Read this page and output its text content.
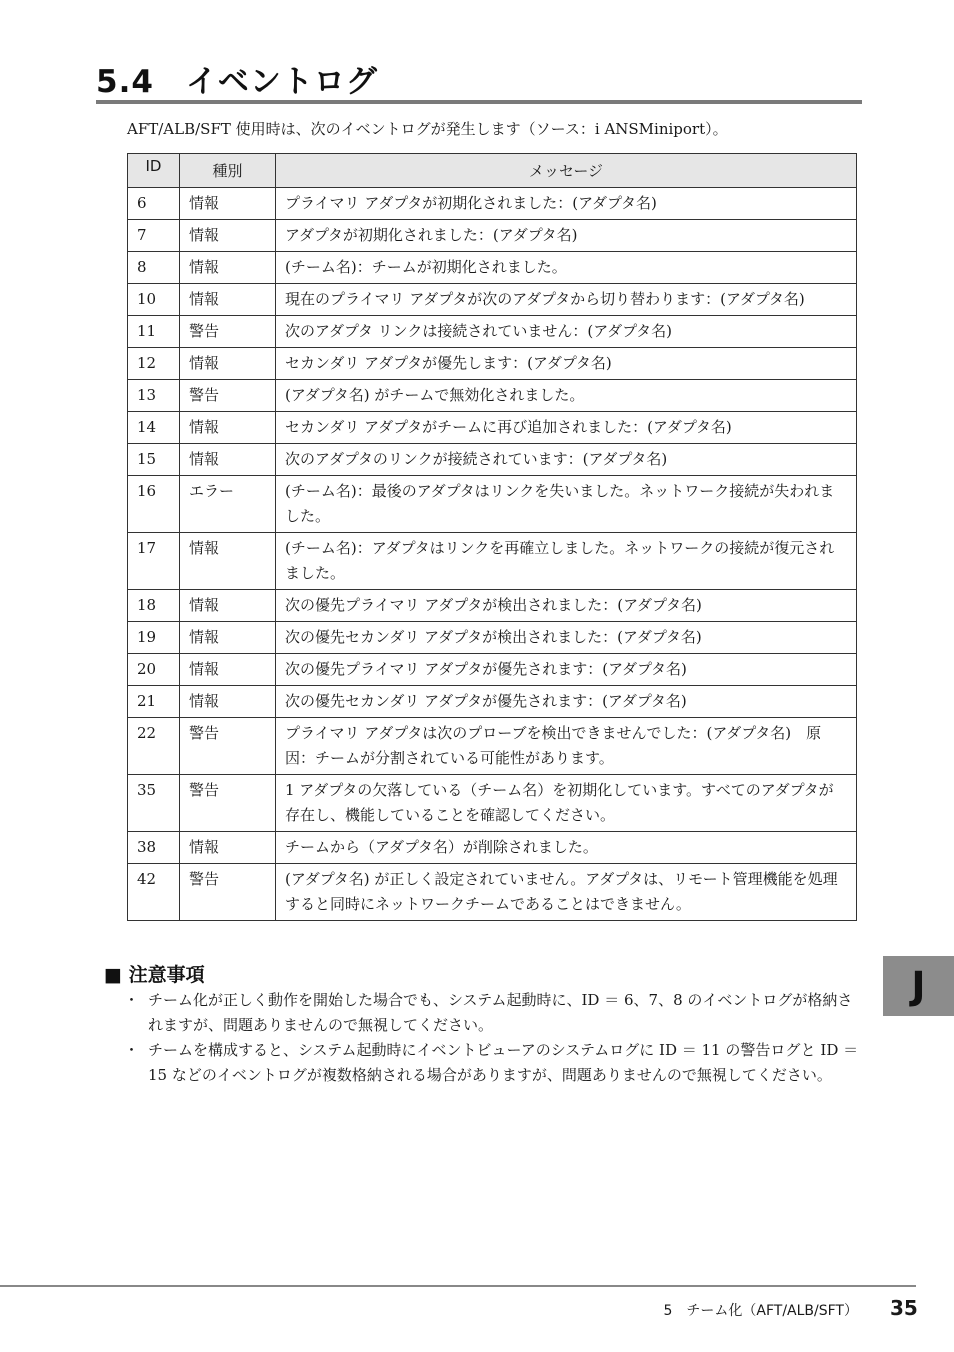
5.4　イベントログ
AFT/ALB/SFT 使用時は、次のイベントログが発生します（ソース：i ANSMiniport）。
ID	種別	メッセージ
6	情報	プライマリ アダプタが初期化されました：(アダプタ名)
7	情報	アダプタが初期化されました：(アダプタ名)
8	情報	(チーム名)：チームが初期化されました。
10	情報	現在のプライマリ アダプタが次のアダプタから切り替わります：(アダプタ名)
11	警告	次のアダプタ リンクは接続されていません：(アダプタ名)
12	情報	セカンダリ アダプタが優先します：(アダプタ名)
13	警告	(アダプタ名) がチームで無効化されました。
14	情報	セカンダリ アダプタがチームに再び追加されました：(アダプタ名)
15	情報	次のアダプタのリンクが接続されています：(アダプタ名)
16	エラー	(チーム名)：最後のアダプタはリンクを失いました。ネットワーク接続が失われました。
17	情報	(チーム名)：アダプタはリンクを再確立しました。ネットワークの接続が復元されました。
18	情報	次の優先プライマリ アダプタが検出されました：(アダプタ名)
19	情報	次の優先セカンダリ アダプタが検出されました：(アダプタ名)
20	情報	次の優先プライマリ アダプタが優先されます：(アダプタ名)
21	情報	次の優先セカンダリ アダプタが優先されます：(アダプタ名)
22	警告	プライマリ アダプタは次のプローブを検出できませんでした：(アダプタ名)　原因：チームが分割されている可能性があります。
35	警告	1 アダプタの欠落している（チーム名）を初期化しています。すべてのアダプタが 存在し、機能していることを確認してください。
38	情報	チームから（アダプタ名）が削除されました。
42	警告	(アダプタ名) が正しく設定されていません。アダプタは、リモート管理機能を処理すると同時にネットワークチームであることはできません。
■ 注意事項
・ チーム化が正しく動作を開始した場合でも、システム起動時に、ID ＝ 6、7、8 のイベントログが格納されますが、問題ありませんので無視してください。
・ チームを構成すると、システム起動時にイベントビューアのシステムログに ID ＝ 11 の警告ログと ID ＝ 15 などのイベントログが複数格納される場合がありますが、問題ありませんので無視してください。
J
5　チーム化（AFT/ALB/SFT） 35
